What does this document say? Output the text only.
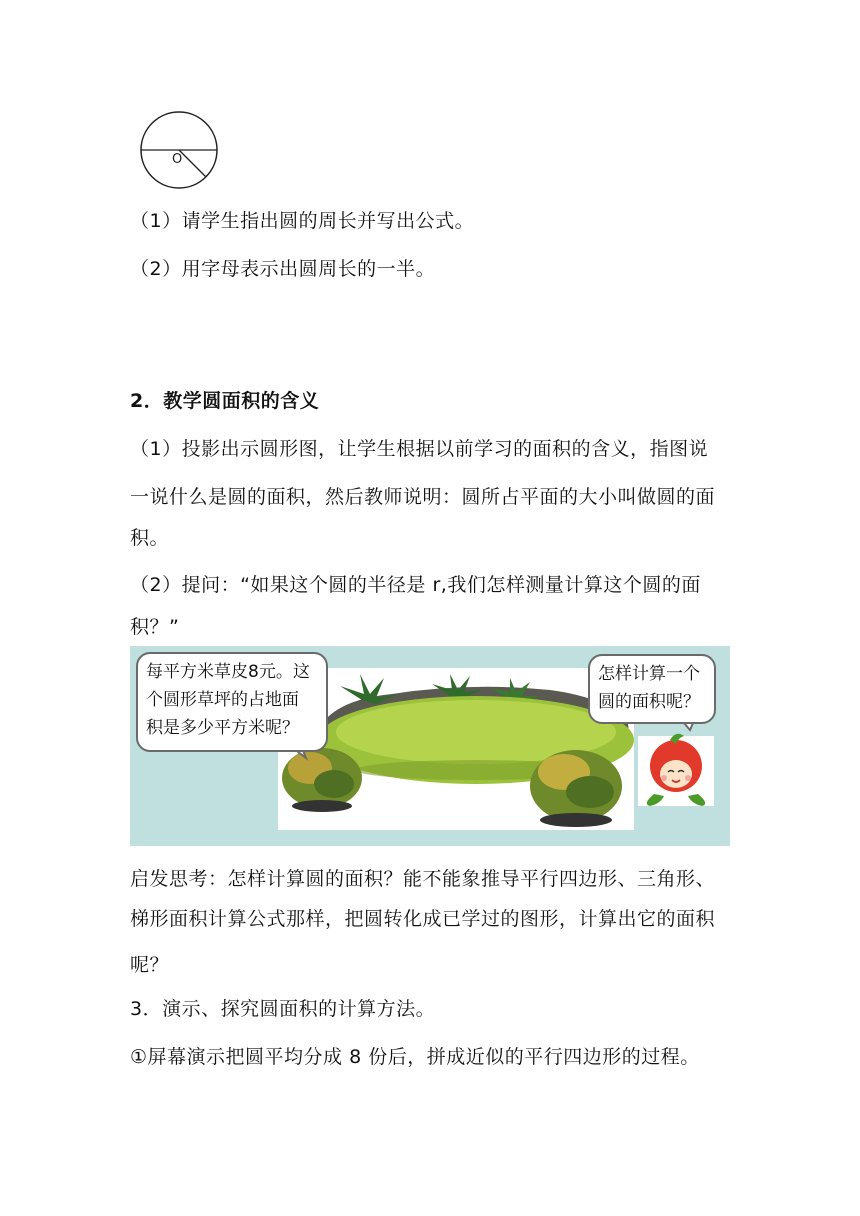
O
（1）请学生指出圆的周长并写出公式。
（2）用字母表示出圆周长的一半。
2．教学圆面积的含义
（1）投影出示圆形图，让学生根据以前学习的面积的含义，指图说
一说什么是圆的面积，然后教师说明：圆所占平面的大小叫做圆的面
积。
（2）提问：“如果这个圆的半径是 r,我们怎样测量计算这个圆的面
积？”
每平方米草皮8元。这
个圆形草坪的占地面
积是多少平方米呢？
怎样计算一个
圆的面积呢？
启发思考：怎样计算圆的面积？能不能象推导平行四边形、三角形、
梯形面积计算公式那样，把圆转化成已学过的图形，计算出它的面积
呢？
3．演示、探究圆面积的计算方法。
①屏幕演示把圆平均分成 8 份后，拼成近似的平行四边形的过程。
